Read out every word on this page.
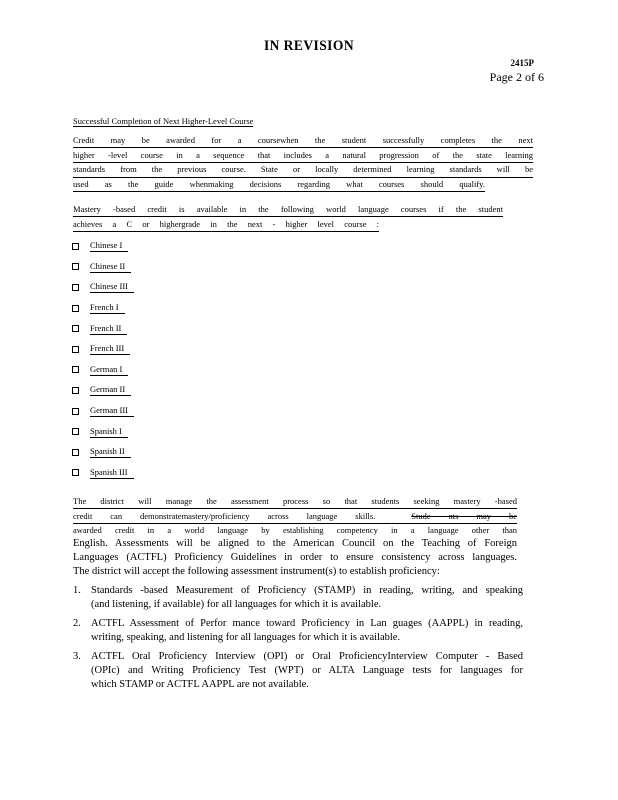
IN REVISION
2415P
Page 2 of 6
Successful Completion of Next Higher-Level Course
Credit may be awarded for a coursewhen the student successfully completes the next
higher -level course in a sequence that includes a natural progression of the state learning
standards from the previous course. State or locally determined learning standards will be
used as the guide whenmaking decisions regarding what courses should qualify.
Mastery -based credit is available in the following world language courses if the student
achieves a C or highergrade in the next - higher level course :
Chinese I
Chinese II
Chinese III
French I
French II
French III
German I
German II
German III
Spanish I
Spanish II
Spanish III
The district will manage the assessment process so that students seeking mastery -based
credit can demonstratemastery/proficiency across language skills.	Stude nts may be
awarded credit in a world language by establishing competency in a language other than
English. Assessments will be aligned to the American Council on the Teaching of Foreign
Languages (ACTFL) Proficiency Guidelines in order to ensure consistency across languages.
The district will accept the following assessment instrument(s) to establish proficiency:
1. Standards -based Measurement of Proficiency (STAMP) in reading, writing, and speaking
(and listening, if available) for all languages for which it is available.
2. ACTFL Assessment of Perfor mance toward Proficiency in Lan guages (AAPPL) in reading,
writing, speaking, and listening for all languages for which it is available.
3. ACTFL Oral Proficiency Interview (OPI) or Oral ProficiencyInterview Computer - Based
(OPIc) and Writing Proficiency Test (WPT) or ALTA Language tests for languages for
which STAMP or ACTFL AAPPL are not available.
